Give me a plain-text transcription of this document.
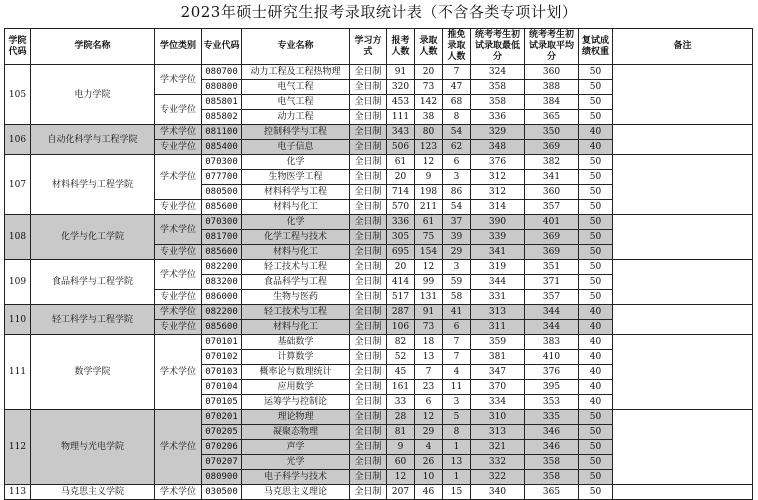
2023年硕士研究生报考录取统计表（不含各类专项计划）
学院代码	学院名称	学位类别	专业代码	专业名称	学习方式	报考人数	录取人数	推免录取人数	统考考生初试录取最低分	统考考生初试录取平均分	复试成绩权重	备注
105	电力学院	学术学位	080700	动力工程及工程热物理	全日制	91	20	7	324	360	50	
			080800	电气工程	全日制	320	73	47	358	388	50	
		专业学位	085801	电气工程	全日制	453	142	68	358	384	50	
			085802	动力工程	全日制	111	38	8	336	365	50	
106	自动化科学与工程学院	学术学位	081100	控制科学与工程	全日制	343	80	54	329	350	40	
		专业学位	085400	电子信息	全日制	506	123	62	348	369	40	
107	材料科学与工程学院	学术学位	070300	化学	全日制	61	12	6	376	382	50	
			077700	生物医学工程	全日制	20	9	3	312	341	50	
			080500	材料科学与工程	全日制	714	198	86	312	360	50	
		专业学位	085600	材料与化工	全日制	570	211	54	314	357	50	
108	化学与化工学院	学术学位	070300	化学	全日制	336	61	37	390	401	50	
			081700	化学工程与技术	全日制	305	75	39	339	369	50	
		专业学位	085600	材料与化工	全日制	695	154	29	341	369	50	
109	食品科学与工程学院	学术学位	082200	轻工技术与工程	全日制	20	12	3	319	351	50	
			083200	食品科学与工程	全日制	414	99	59	344	371	50	
		专业学位	086000	生物与医药	全日制	517	131	58	331	357	50	
110	轻工科学与工程学院	学术学位	082200	轻工技术与工程	全日制	287	91	41	313	344	40	
		专业学位	085600	材料与化工	全日制	106	73	6	311	344	40	
111	数学学院	学术学位	070101	基础数学	全日制	82	18	7	359	383	40	
			070102	计算数学	全日制	52	13	7	381	410	40	
			070103	概率论与数理统计	全日制	45	7	4	347	376	40	
			070104	应用数学	全日制	161	23	11	370	395	40	
			070105	运筹学与控制论	全日制	33	6	3	334	353	40	
112	物理与光电学院	学术学位	070201	理论物理	全日制	28	12	5	310	335	50	
			070205	凝聚态物理	全日制	81	29	8	313	346	50	
			070206	声学	全日制	9	4	1	321	346	50	
			070207	光学	全日制	60	26	13	332	358	50	
			080900	电子科学与技术	全日制	12	10	1	322	358	50	
113	马克思主义学院	学术学位	030500	马克思主义理论	全日制	207	46	15	340	365	50	
